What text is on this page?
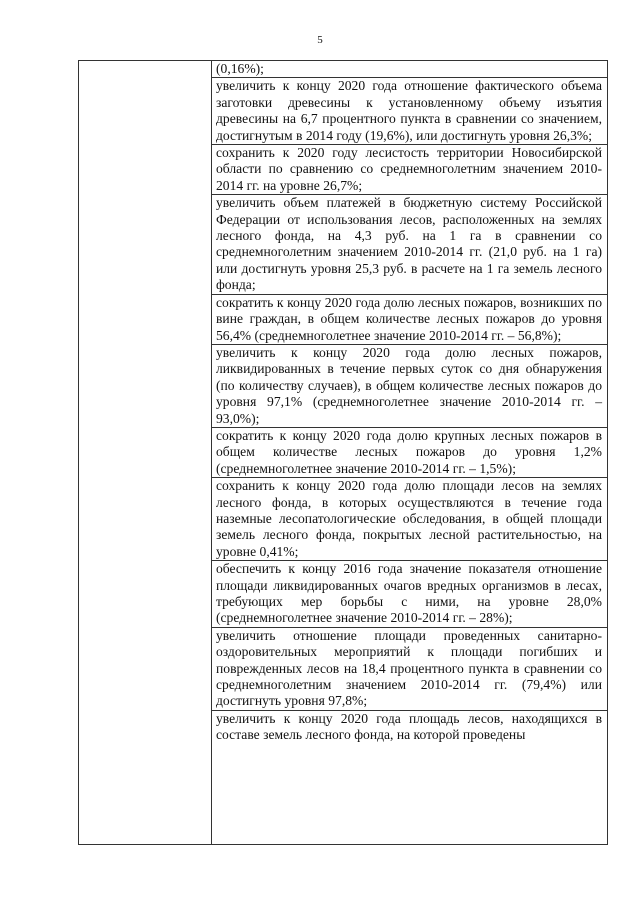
5
(0,16%);
увеличить к концу 2020 года отношение фактического объема заготовки древесины к установленному объему изъятия древесины на 6,7 процентного пункта в сравнении со значением, достигнутым в 2014 году (19,6%), или достигнуть уровня 26,3%;
сохранить к 2020 году лесистость территории Новосибирской области по сравнению со среднемноголетним значением 2010-2014 гг. на уровне 26,7%;
увеличить объем платежей в бюджетную систему Российской Федерации от использования лесов, расположенных на землях лесного фонда, на 4,3 руб. на 1 га в сравнении со среднемноголетним значением 2010-2014 гг. (21,0 руб. на 1 га) или достигнуть уровня 25,3 руб. в расчете на 1 га земель лесного фонда;
сократить к концу 2020 года долю лесных пожаров, возникших по вине граждан, в общем количестве лесных пожаров до уровня 56,4% (среднемноголетнее значение 2010-2014 гг. – 56,8%);
увеличить к концу 2020 года долю лесных пожаров, ликвидированных в течение первых суток со дня обнаружения (по количеству случаев), в общем количестве лесных пожаров до уровня 97,1% (среднемноголетнее значение 2010-2014 гг. – 93,0%);
сократить к концу 2020 года долю крупных лесных пожаров в общем количестве лесных пожаров до уровня 1,2% (среднемноголетнее значение 2010-2014 гг. – 1,5%);
сохранить к концу 2020 года долю площади лесов на землях лесного фонда, в которых осуществляются в течение года наземные лесопатологические обследования, в общей площади земель лесного фонда, покрытых лесной растительностью, на уровне 0,41%;
обеспечить к концу 2016 года значение показателя отношение площади ликвидированных очагов вредных организмов в лесах, требующих мер борьбы с ними, на уровне 28,0% (среднемноголетнее значение 2010-2014 гг. – 28%);
увеличить отношение площади проведенных санитарно-оздоровительных мероприятий к площади погибших и поврежденных лесов на 18,4 процентного пункта в сравнении со среднемноголетним значением 2010-2014 гг. (79,4%) или достигнуть уровня 97,8%;
увеличить к концу 2020 года площадь лесов, находящихся в составе земель лесного фонда, на которой проведены
